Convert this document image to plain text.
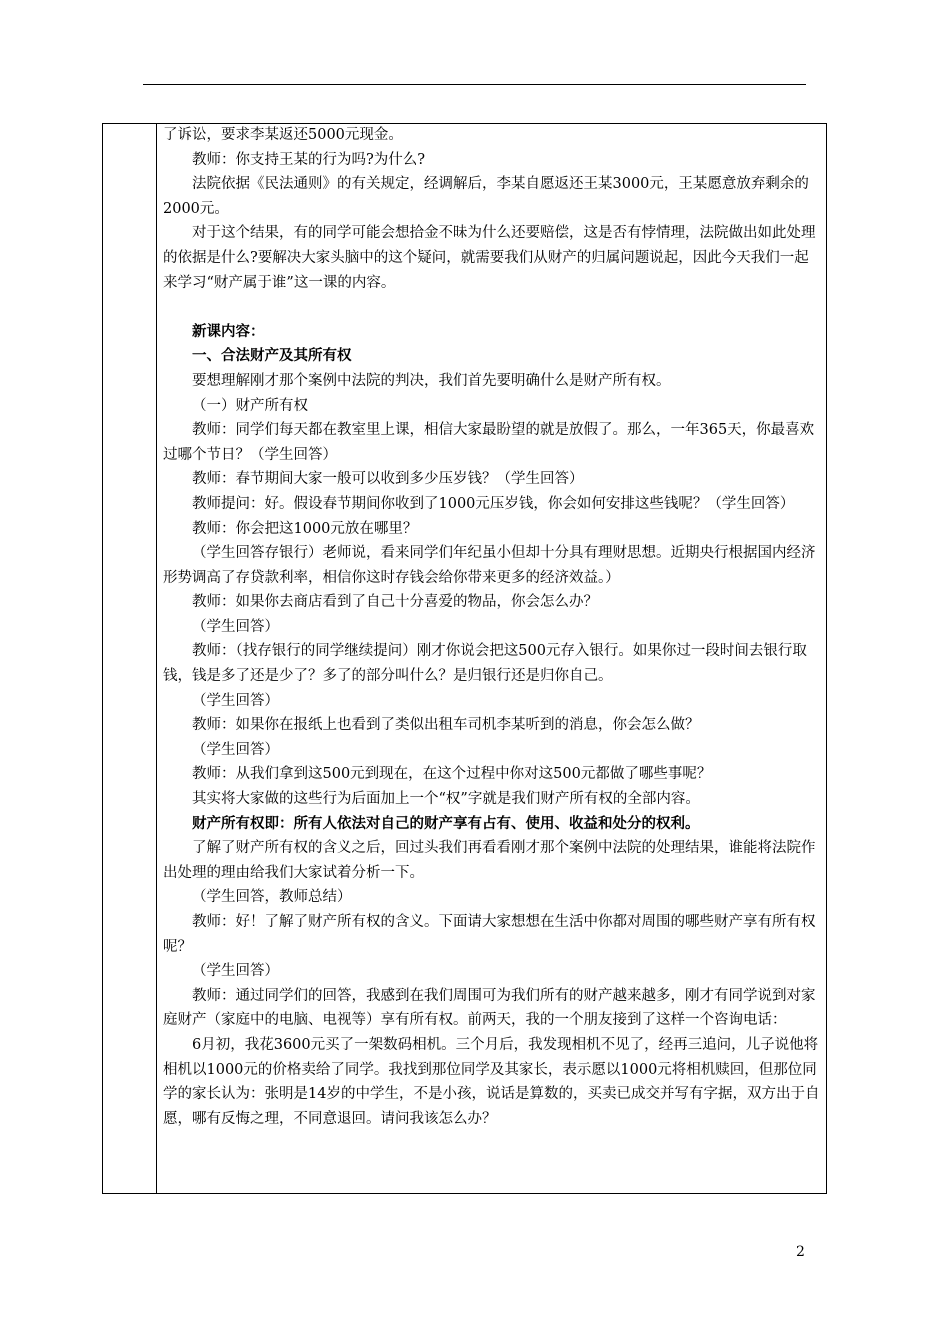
了诉讼，要求李某返还5000元现金。

教师：你支持王某的行为吗?为什么?

法院依据《民法通则》的有关规定，经调解后，李某自愿返还王某3000元，王某愿意放弃剩余的2000元。

对于这个结果，有的同学可能会想拾金不昧为什么还要赔偿，这是否有悖情理，法院做出如此处理的依据是什么?要解决大家头脑中的这个疑问，就需要我们从财产的归属问题说起，因此今天我们一起来学习“财产属于谁”这一课的内容。

新课内容：

一、合法财产及其所有权

要想理解刚才那个案例中法院的判决，我们首先要明确什么是财产所有权。

（一）财产所有权

教师：同学们每天都在教室里上课，相信大家最盼望的就是放假了。那么，一年365天，你最喜欢过哪个节日？（学生回答）

教师：春节期间大家一般可以收到多少压岁钱？（学生回答）

教师提问：好。假设春节期间你收到了1000元压岁钱，你会如何安排这些钱呢？（学生回答）

教师：你会把这1000元放在哪里？

（学生回答存银行）老师说，看来同学们年纪虽小但却十分具有理财思想。近期央行根据国内经济形势调高了存贷款利率，相信你这时存钱会给你带来更多的经济效益。）

教师：如果你去商店看到了自己十分喜爱的物品，你会怎么办？

（学生回答）

教师：（找存银行的同学继续提问）刚才你说会把这500元存入银行。如果你过一段时间去银行取钱，钱是多了还是少了？多了的部分叫什么？是归银行还是归你自己。

（学生回答）

教师：如果你在报纸上也看到了类似出租车司机李某听到的消息，你会怎么做？

（学生回答）

教师：从我们拿到这500元到现在，在这个过程中你对这500元都做了哪些事呢？

其实将大家做的这些行为后面加上一个“权”字就是我们财产所有权的全部内容。

财产所有权即：所有人依法对自己的财产享有占有、使用、收益和处分的权利。

了解了财产所有权的含义之后，回过头我们再看看刚才那个案例中法院的处理结果，谁能将法院作出处理的理由给我们大家试着分析一下。

（学生回答，教师总结）

教师：好！了解了财产所有权的含义。下面请大家想想在生活中你都对周围的哪些财产享有所有权呢？

（学生回答）

教师：通过同学们的回答，我感到在我们周围可为我们所有的财产越来越多，刚才有同学说到对家庭财产（家庭中的电脑、电视等）享有所有权。前两天，我的一个朋友接到了这样一个咨询电话：

6月初，我花3600元买了一架数码相机。三个月后，我发现相机不见了，经再三追问，儿子说他将相机以1000元的价格卖给了同学。我找到那位同学及其家长，表示愿以1000元将相机赎回，但那位同学的家长认为：张明是14岁的中学生，不是小孩，说话是算数的，买卖已成交并写有字据，双方出于自愿，哪有反悔之理，不同意退回。请问我该怎么办？

2
